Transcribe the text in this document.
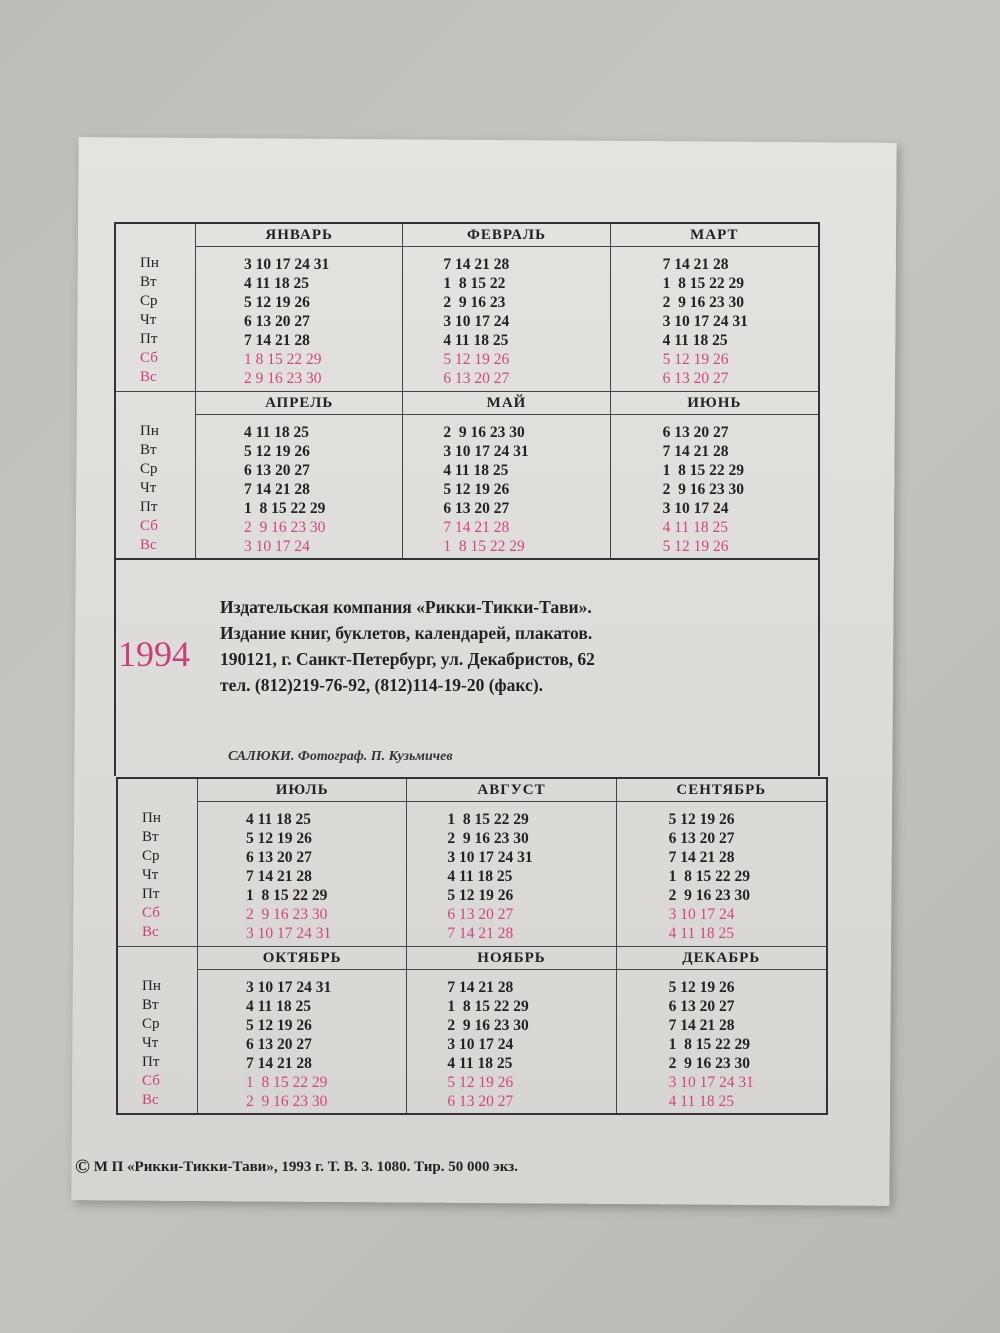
Пн
Вт
Ср
Чт
Пт
Сб
Вс
ЯНВАРЬ
3 10 17 24 31
4 11 18 25
5 12 19 26
6 13 20 27
7 14 21 28
1 8 15 22 29
2 9 16 23 30
ФЕВРАЛЬ
7 14 21 28
1  8 15 22
2  9 16 23
3 10 17 24
4 11 18 25
5 12 19 26
6 13 20 27
МАРТ
7 14 21 28
1  8 15 22 29
2  9 16 23 30
3 10 17 24 31
4 11 18 25
5 12 19 26
6 13 20 27
Пн
Вт
Ср
Чт
Пт
Сб
Вс
АПРЕЛЬ
4 11 18 25
5 12 19 26
6 13 20 27
7 14 21 28
1  8 15 22 29
2  9 16 23 30
3 10 17 24
МАЙ
2  9 16 23 30
3 10 17 24 31
4 11 18 25
5 12 19 26
6 13 20 27
7 14 21 28
1  8 15 22 29
ИЮНЬ
6 13 20 27
7 14 21 28
1  8 15 22 29
2  9 16 23 30
3 10 17 24
4 11 18 25
5 12 19 26
1994
Издательская компания «Рикки-Тикки-Тави».
Издание книг, буклетов, календарей, плакатов.
190121, г. Санкт-Петербург, ул. Декабристов, 62
тел. (812)219-76-92, (812)114-19-20 (факс).
САЛЮКИ. Фотограф. П. Кузьмичев
Пн
Вт
Ср
Чт
Пт
Сб
Вс
ИЮЛЬ
4 11 18 25
5 12 19 26
6 13 20 27
7 14 21 28
1  8 15 22 29
2  9 16 23 30
3 10 17 24 31
АВГУСТ
1  8 15 22 29
2  9 16 23 30
3 10 17 24 31
4 11 18 25
5 12 19 26
6 13 20 27
7 14 21 28
СЕНТЯБРЬ
5 12 19 26
6 13 20 27
7 14 21 28
1  8 15 22 29
2  9 16 23 30
3 10 17 24
4 11 18 25
Пн
Вт
Ср
Чт
Пт
Сб
Вс
ОКТЯБРЬ
3 10 17 24 31
4 11 18 25
5 12 19 26
6 13 20 27
7 14 21 28
1  8 15 22 29
2  9 16 23 30
НОЯБРЬ
7 14 21 28
1  8 15 22 29
2  9 16 23 30
3 10 17 24
4 11 18 25
5 12 19 26
6 13 20 27
ДЕКАБРЬ
5 12 19 26
6 13 20 27
7 14 21 28
1  8 15 22 29
2  9 16 23 30
3 10 17 24 31
4 11 18 25
© М П «Рикки-Тикки-Тави», 1993 г. Т. В. З. 1080. Тир. 50 000 экз.
